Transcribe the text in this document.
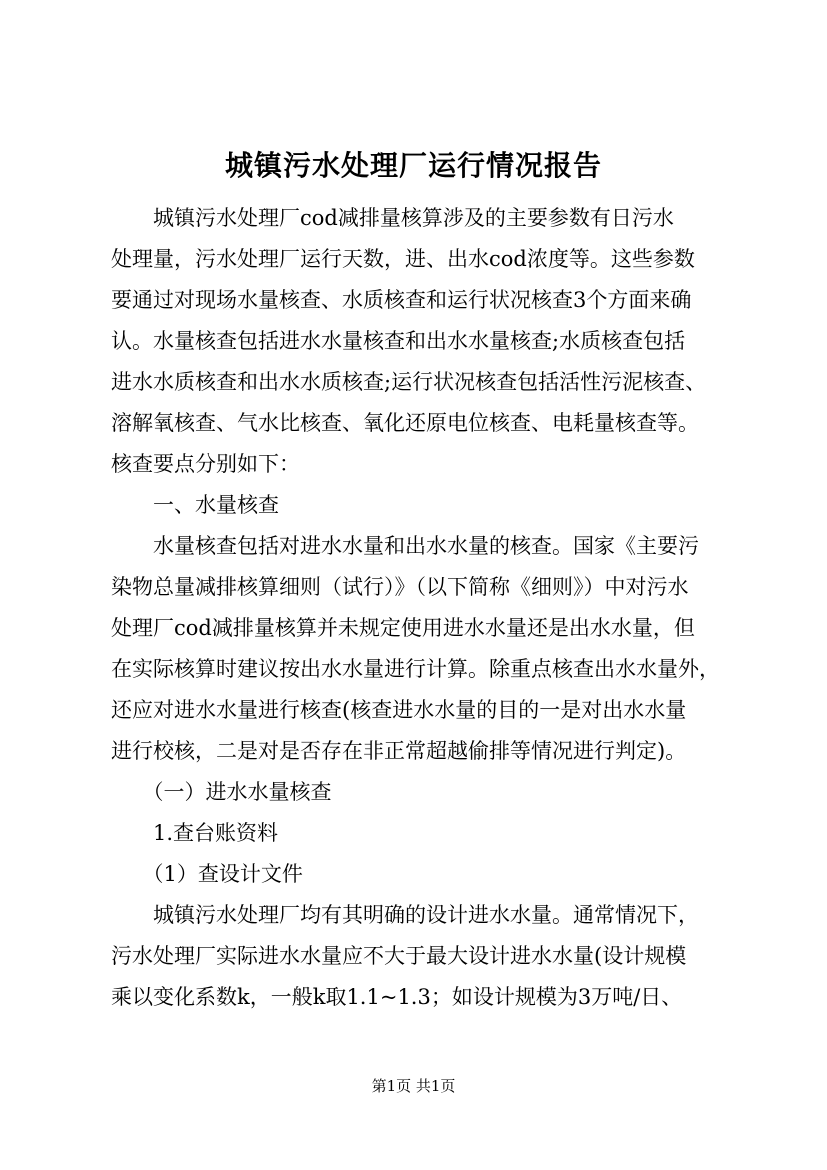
城镇污水处理厂运行情况报告
　　城镇污水处理厂cod减排量核算涉及的主要参数有日污水
处理量，污水处理厂运行天数，进、出水cod浓度等。这些参数
要通过对现场水量核查、水质核查和运行状况核查3个方面来确
认。水量核查包括进水水量核查和出水水量核查;水质核查包括
进水水质核查和出水水质核查;运行状况核查包括活性污泥核查、
溶解氧核查、气水比核查、氧化还原电位核查、电耗量核查等。
核查要点分别如下：
　　一、水量核查
　　水量核查包括对进水水量和出水水量的核查。国家《主要污
染物总量减排核算细则（试行）》（以下简称《细则》）中对污水
处理厂cod减排量核算并未规定使用进水水量还是出水水量，但
在实际核算时建议按出水水量进行计算。除重点核查出水水量外，
还应对进水水量进行核查(核查进水水量的目的一是对出水水量
进行校核，二是对是否存在非正常超越偷排等情况进行判定)。
　　（一）进水水量核查
　　1.查台账资料
　　（1）查设计文件
　　城镇污水处理厂均有其明确的设计进水水量。通常情况下，
污水处理厂实际进水水量应不大于最大设计进水水量(设计规模
乘以变化系数k，一般k取1.1~1.3；如设计规模为3万吨/日、
第1页 共1页
